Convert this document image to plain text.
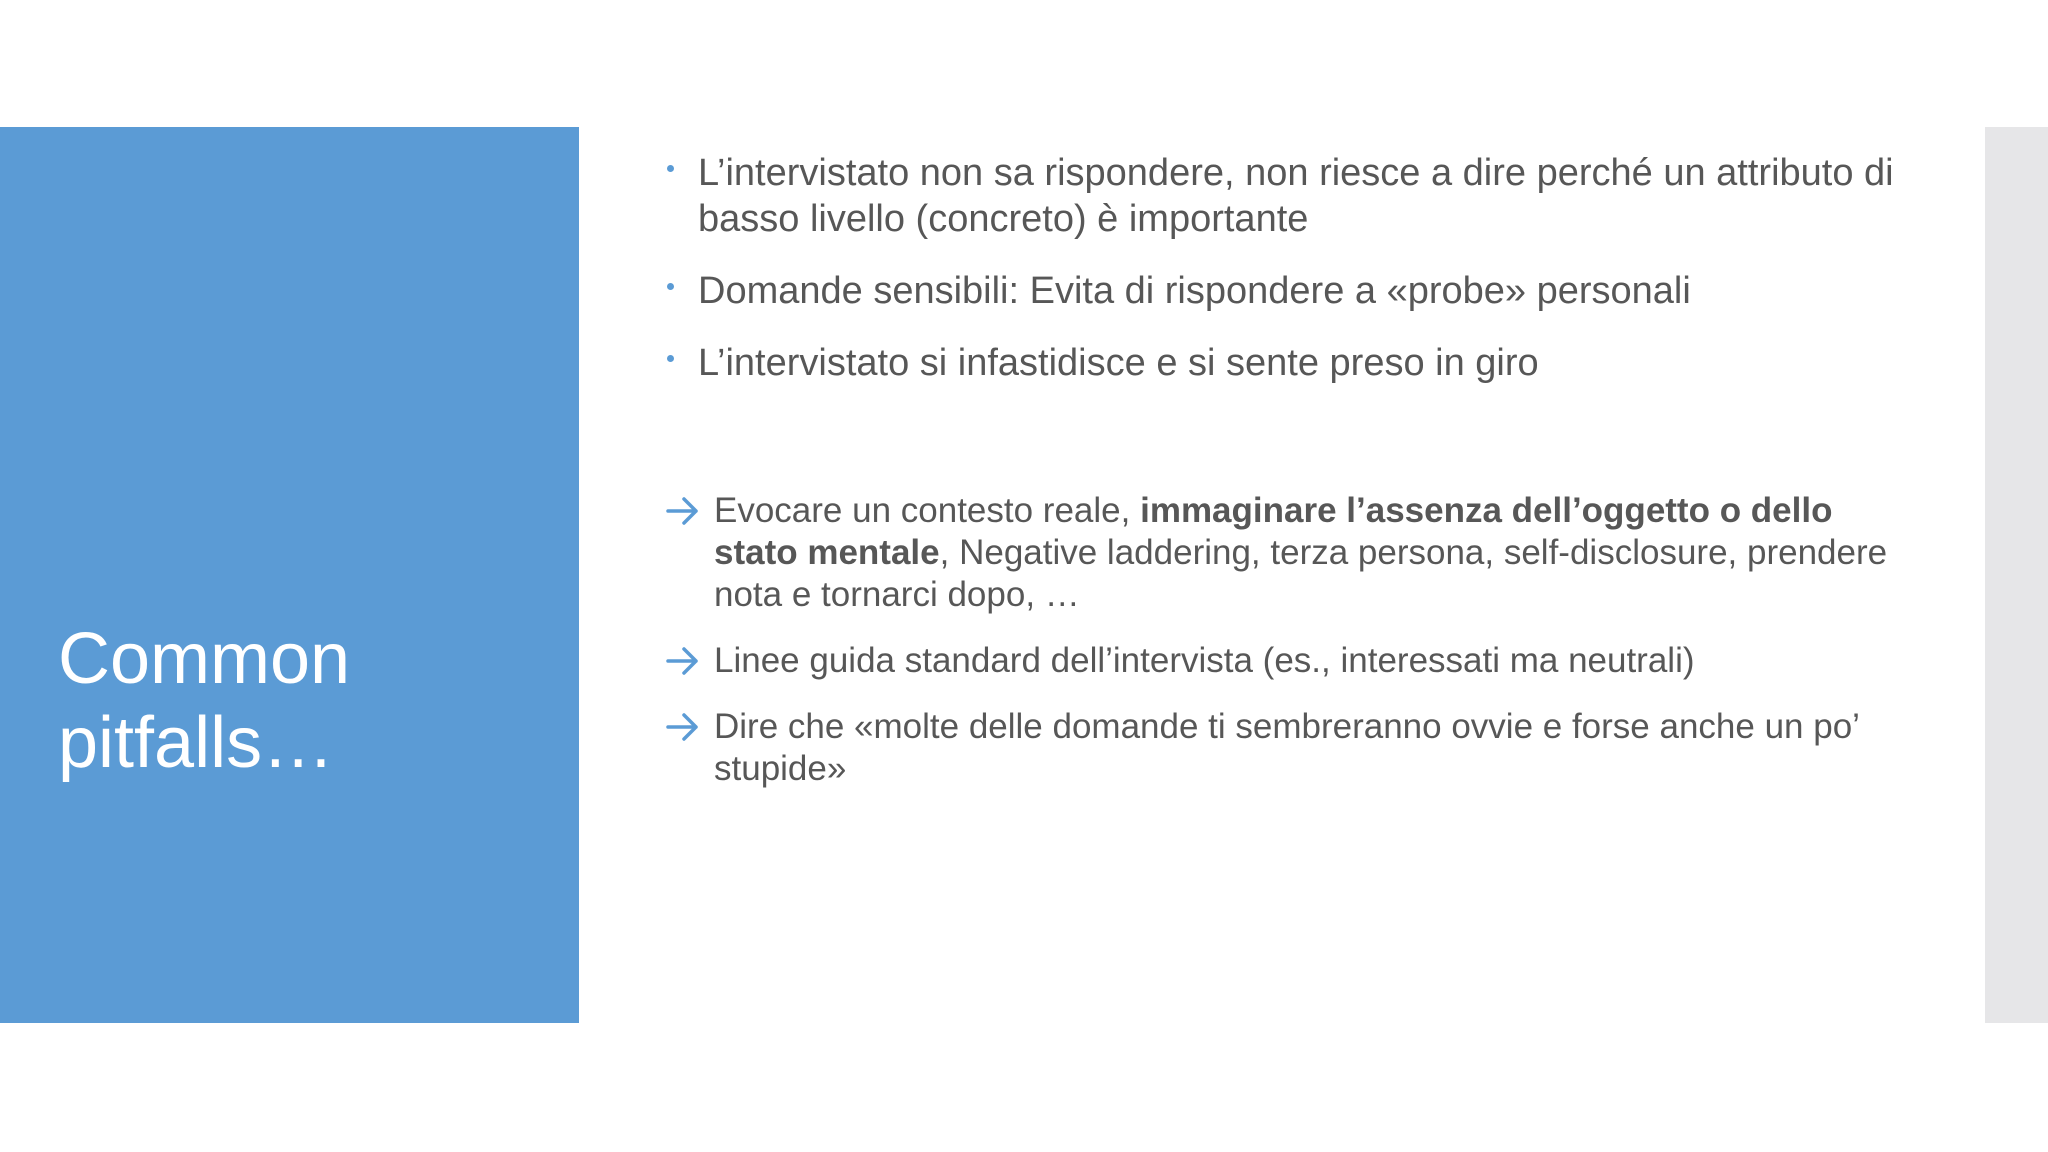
Common pitfalls…
L’intervistato non sa rispondere, non riesce a dire perché un attributo di basso livello (concreto) è importante
Domande sensibili: Evita di rispondere a «probe» personali
L’intervistato si infastidisce e si sente preso in giro
Evocare un contesto reale, immaginare l’assenza dell’oggetto o dello stato mentale, Negative laddering, terza persona, self-disclosure, prendere nota e tornarci dopo, …
Linee guida standard dell’intervista (es., interessati ma neutrali)
Dire che «molte delle domande ti sembreranno ovvie e forse anche un po’ stupide»
